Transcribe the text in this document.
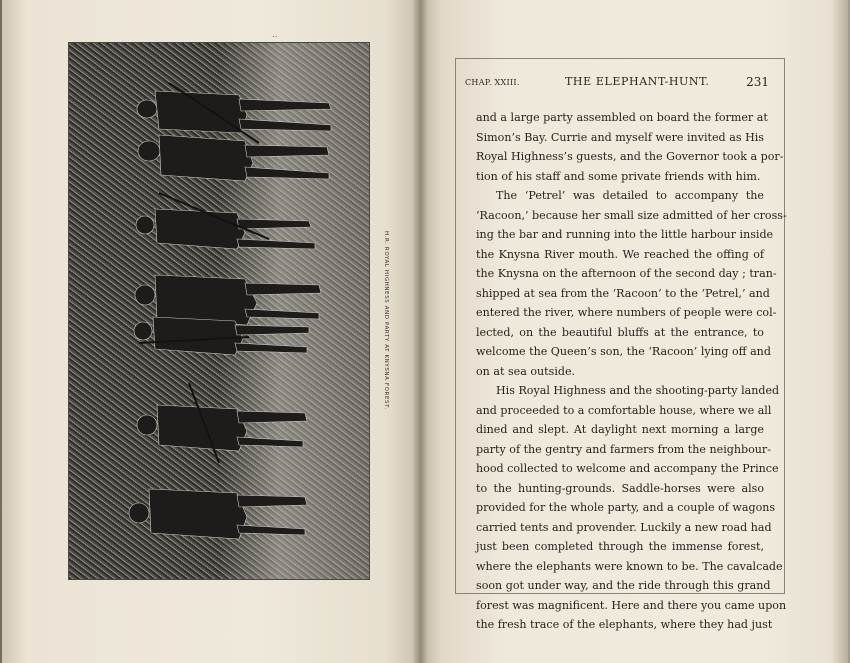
‥
H.R. ROYAL HIGHNESS AND PARTY AT KNYSNA FOREST.
CHAP. XXIII.	THE ELEPHANT-HUNT.	231
and a large party assembled on board the former at
Simon’s Bay. Currie and myself were invited as His
Royal Highness’s guests, and the Governor took a por-
tion of his staff and some private friends with him.
The ‘Petrel’ was detailed to accompany the
‘Racoon,’ because her small size admitted of her cross-
ing the bar and running into the little harbour inside
the Knysna River mouth. We reached the offing of
the Knysna on the afternoon of the second day ; tran-
shipped at sea from the ‘Racoon’ to the ‘Petrel,’ and
entered the river, where numbers of people were col-
lected, on the beautiful bluffs at the entrance, to
welcome the Queen’s son, the ‘Racoon’ lying off and
on at sea outside.
His Royal Highness and the shooting-party landed
and proceeded to a comfortable house, where we all
dined and slept. At daylight next morning a large
party of the gentry and farmers from the neighbour-
hood collected to welcome and accompany the Prince
to the hunting-grounds. Saddle-horses were also
provided for the whole party, and a couple of wagons
carried tents and provender. Luckily a new road had
just been completed through the immense forest,
where the elephants were known to be. The cavalcade
soon got under way, and the ride through this grand
forest was magnificent. Here and there you came upon
the fresh trace of the elephants, where they had just
